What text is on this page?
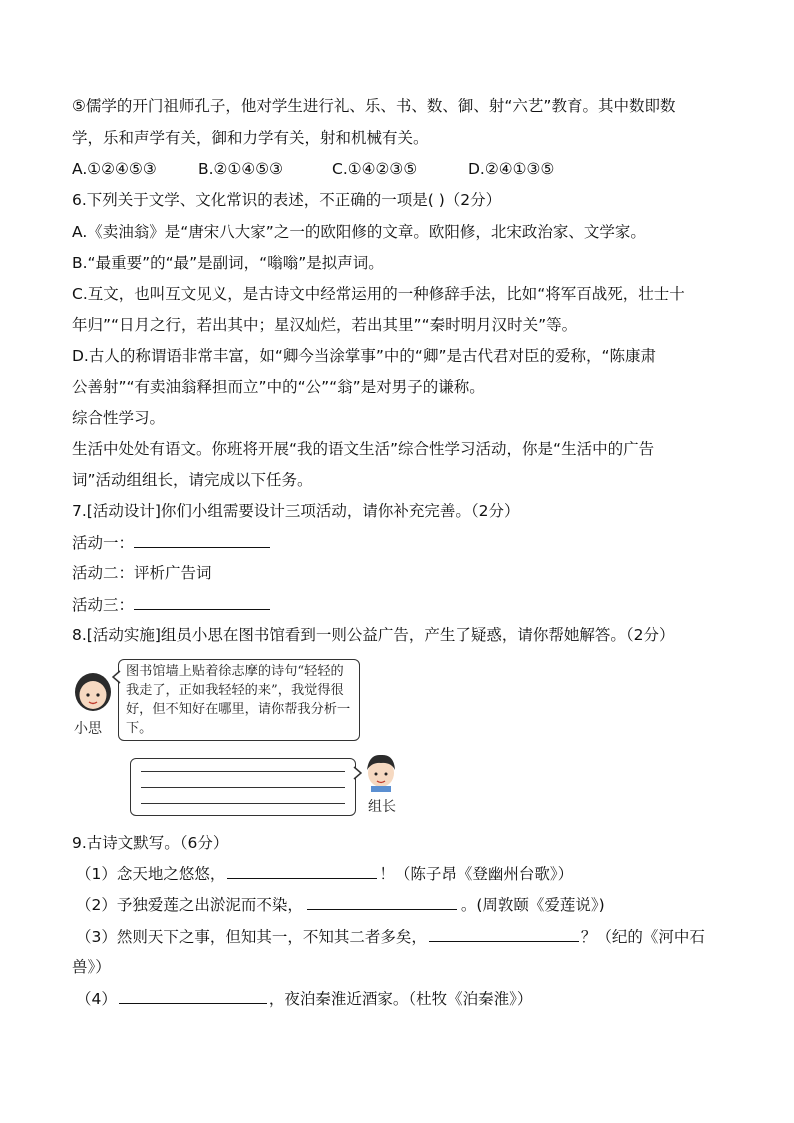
⑤儒学的开门祖师孔子，他对学生进行礼、乐、书、数、御、射“六艺”教育。其中数即数
学，乐和声学有关，御和力学有关，射和机械有关。
A.①②④⑤③	B.②①④⑤③	C.①④②③⑤	D.②④①③⑤
6.下列关于文学、文化常识的表述，不正确的一项是( )（2分）
A.《卖油翁》是“唐宋八大家”之一的欧阳修的文章。欧阳修，北宋政治家、文学家。
B.“最重要”的“最”是副词，“嗡嗡”是拟声词。
C.互文，也叫互文见义，是古诗文中经常运用的一种修辞手法，比如“将军百战死，壮士十
年归”“日月之行，若出其中；星汉灿烂，若出其里”“秦时明月汉时关”等。
D.古人的称谓语非常丰富，如“卿今当涂掌事”中的“卿”是古代君对臣的爱称，“陈康肃
公善射”“有卖油翁释担而立”中的“公”“翁”是对男子的谦称。
综合性学习。
生活中处处有语文。你班将开展“我的语文生活”综合性学习活动，你是“生活中的广告
词”活动组组长，请完成以下任务。
7.[活动设计]你们小组需要设计三项活动，请你补充完善。（2分）
活动一：
活动二：评析广告词
活动三：
8.[活动实施]组员小思在图书馆看到一则公益广告，产生了疑惑，请你帮她解答。（2分）
小思
图书馆墙上贴着徐志摩的诗句“轻轻的我走了，正如我轻轻的来”，我觉得很好，但不知好在哪里，请你帮我分析一下。
组长
9.古诗文默写。（6分）
（1）念天地之悠悠，	！（陈子昂《登幽州台歌》）
（2）予独爱莲之出淤泥而不染，	。(周敦颐《爱莲说》)
（3）然则天下之事，但知其一，不知其二者多矣，	？（纪的《河中石
兽》）
（4）	，夜泊秦淮近酒家。（杜牧《泊秦淮》）
